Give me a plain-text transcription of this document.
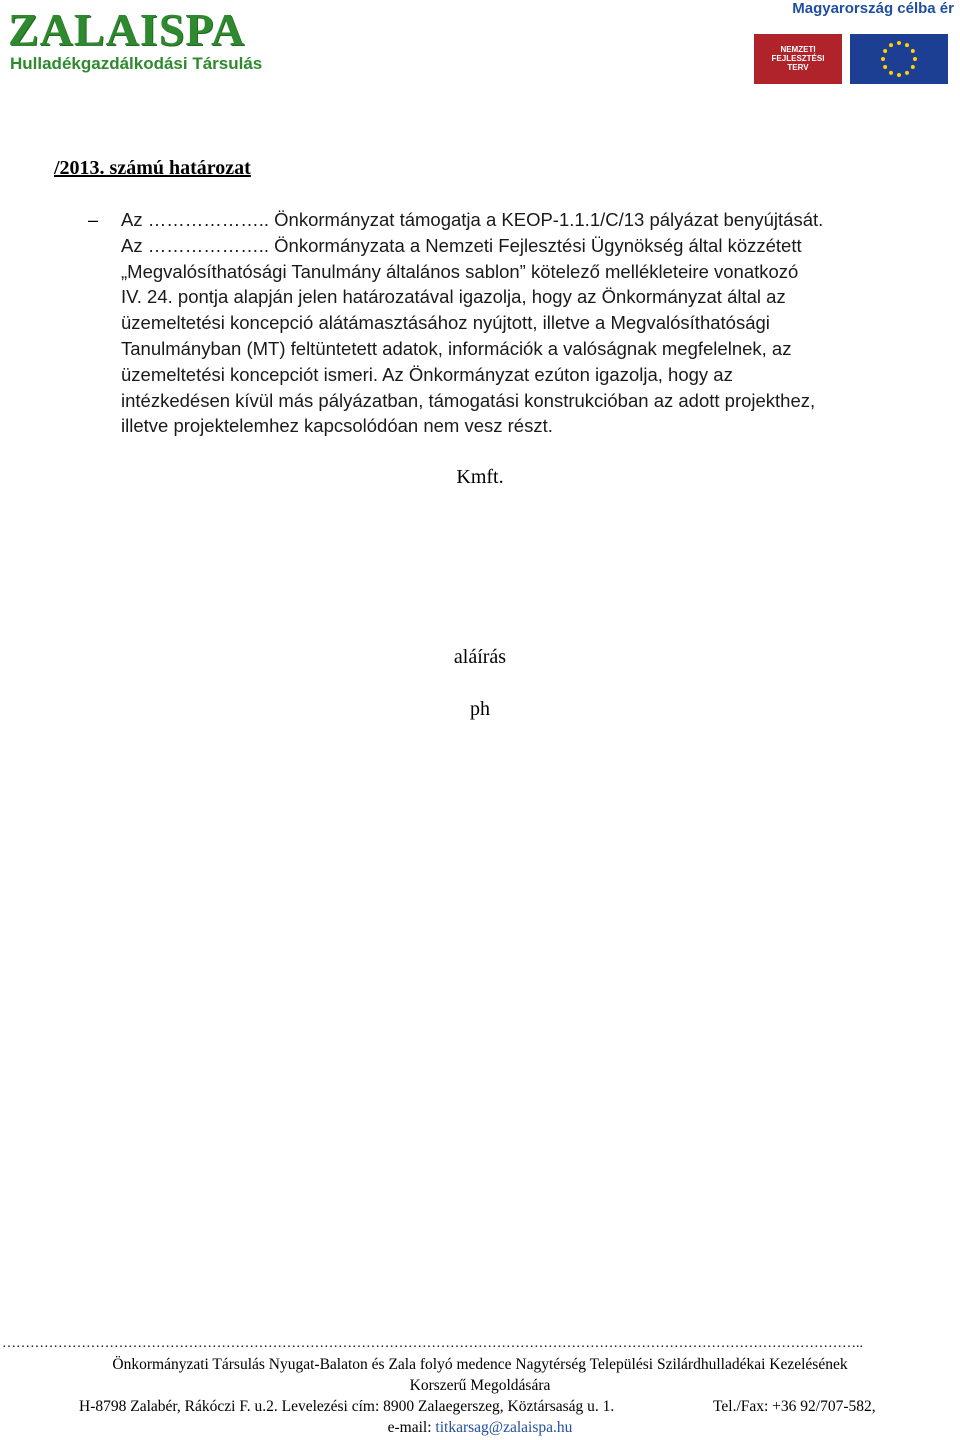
ZALAISPA
Hulladékgazdálkodási Társulás
Magyarország célba ér
NEMZETI
FEJLESZTÉSI
TERV
/2013. számú határozat
– Az ……………….. Önkormányzat támogatja a KEOP-1.1.1/C/13 pályázat benyújtását.
Az ……………….. Önkormányzata a Nemzeti Fejlesztési Ügynökség által közzétett
„Megvalósíthatósági Tanulmány általános sablon” kötelező mellékleteire vonatkozó
IV. 24. pontja alapján jelen határozatával igazolja, hogy az Önkormányzat által az
üzemeltetési koncepció alátámasztásához nyújtott, illetve a Megvalósíthatósági
Tanulmányban (MT) feltüntetett adatok, információk a valóságnak megfelelnek, az
üzemeltetési koncepciót ismeri. Az Önkormányzat ezúton igazolja, hogy az
intézkedésen kívül más pályázatban, támogatási konstrukcióban az adott projekthez,
illetve projektelemhez kapcsolódóan nem vesz részt.
Kmft.
aláírás
ph
…………………………………………………………………………………………………………………………………………………………………..
Önkormányzati Társulás Nyugat-Balaton és Zala folyó medence Nagytérség Települési Szilárdhulladékai Kezelésének
Korszerű Megoldására
H-8798 Zalabér, Rákóczi F. u.2. Levelezési cím: 8900 Zalaegerszeg, Köztársaság u. 1.	Tel./Fax: +36 92/707-582,
e-mail: titkarsag@zalaispa.hu
